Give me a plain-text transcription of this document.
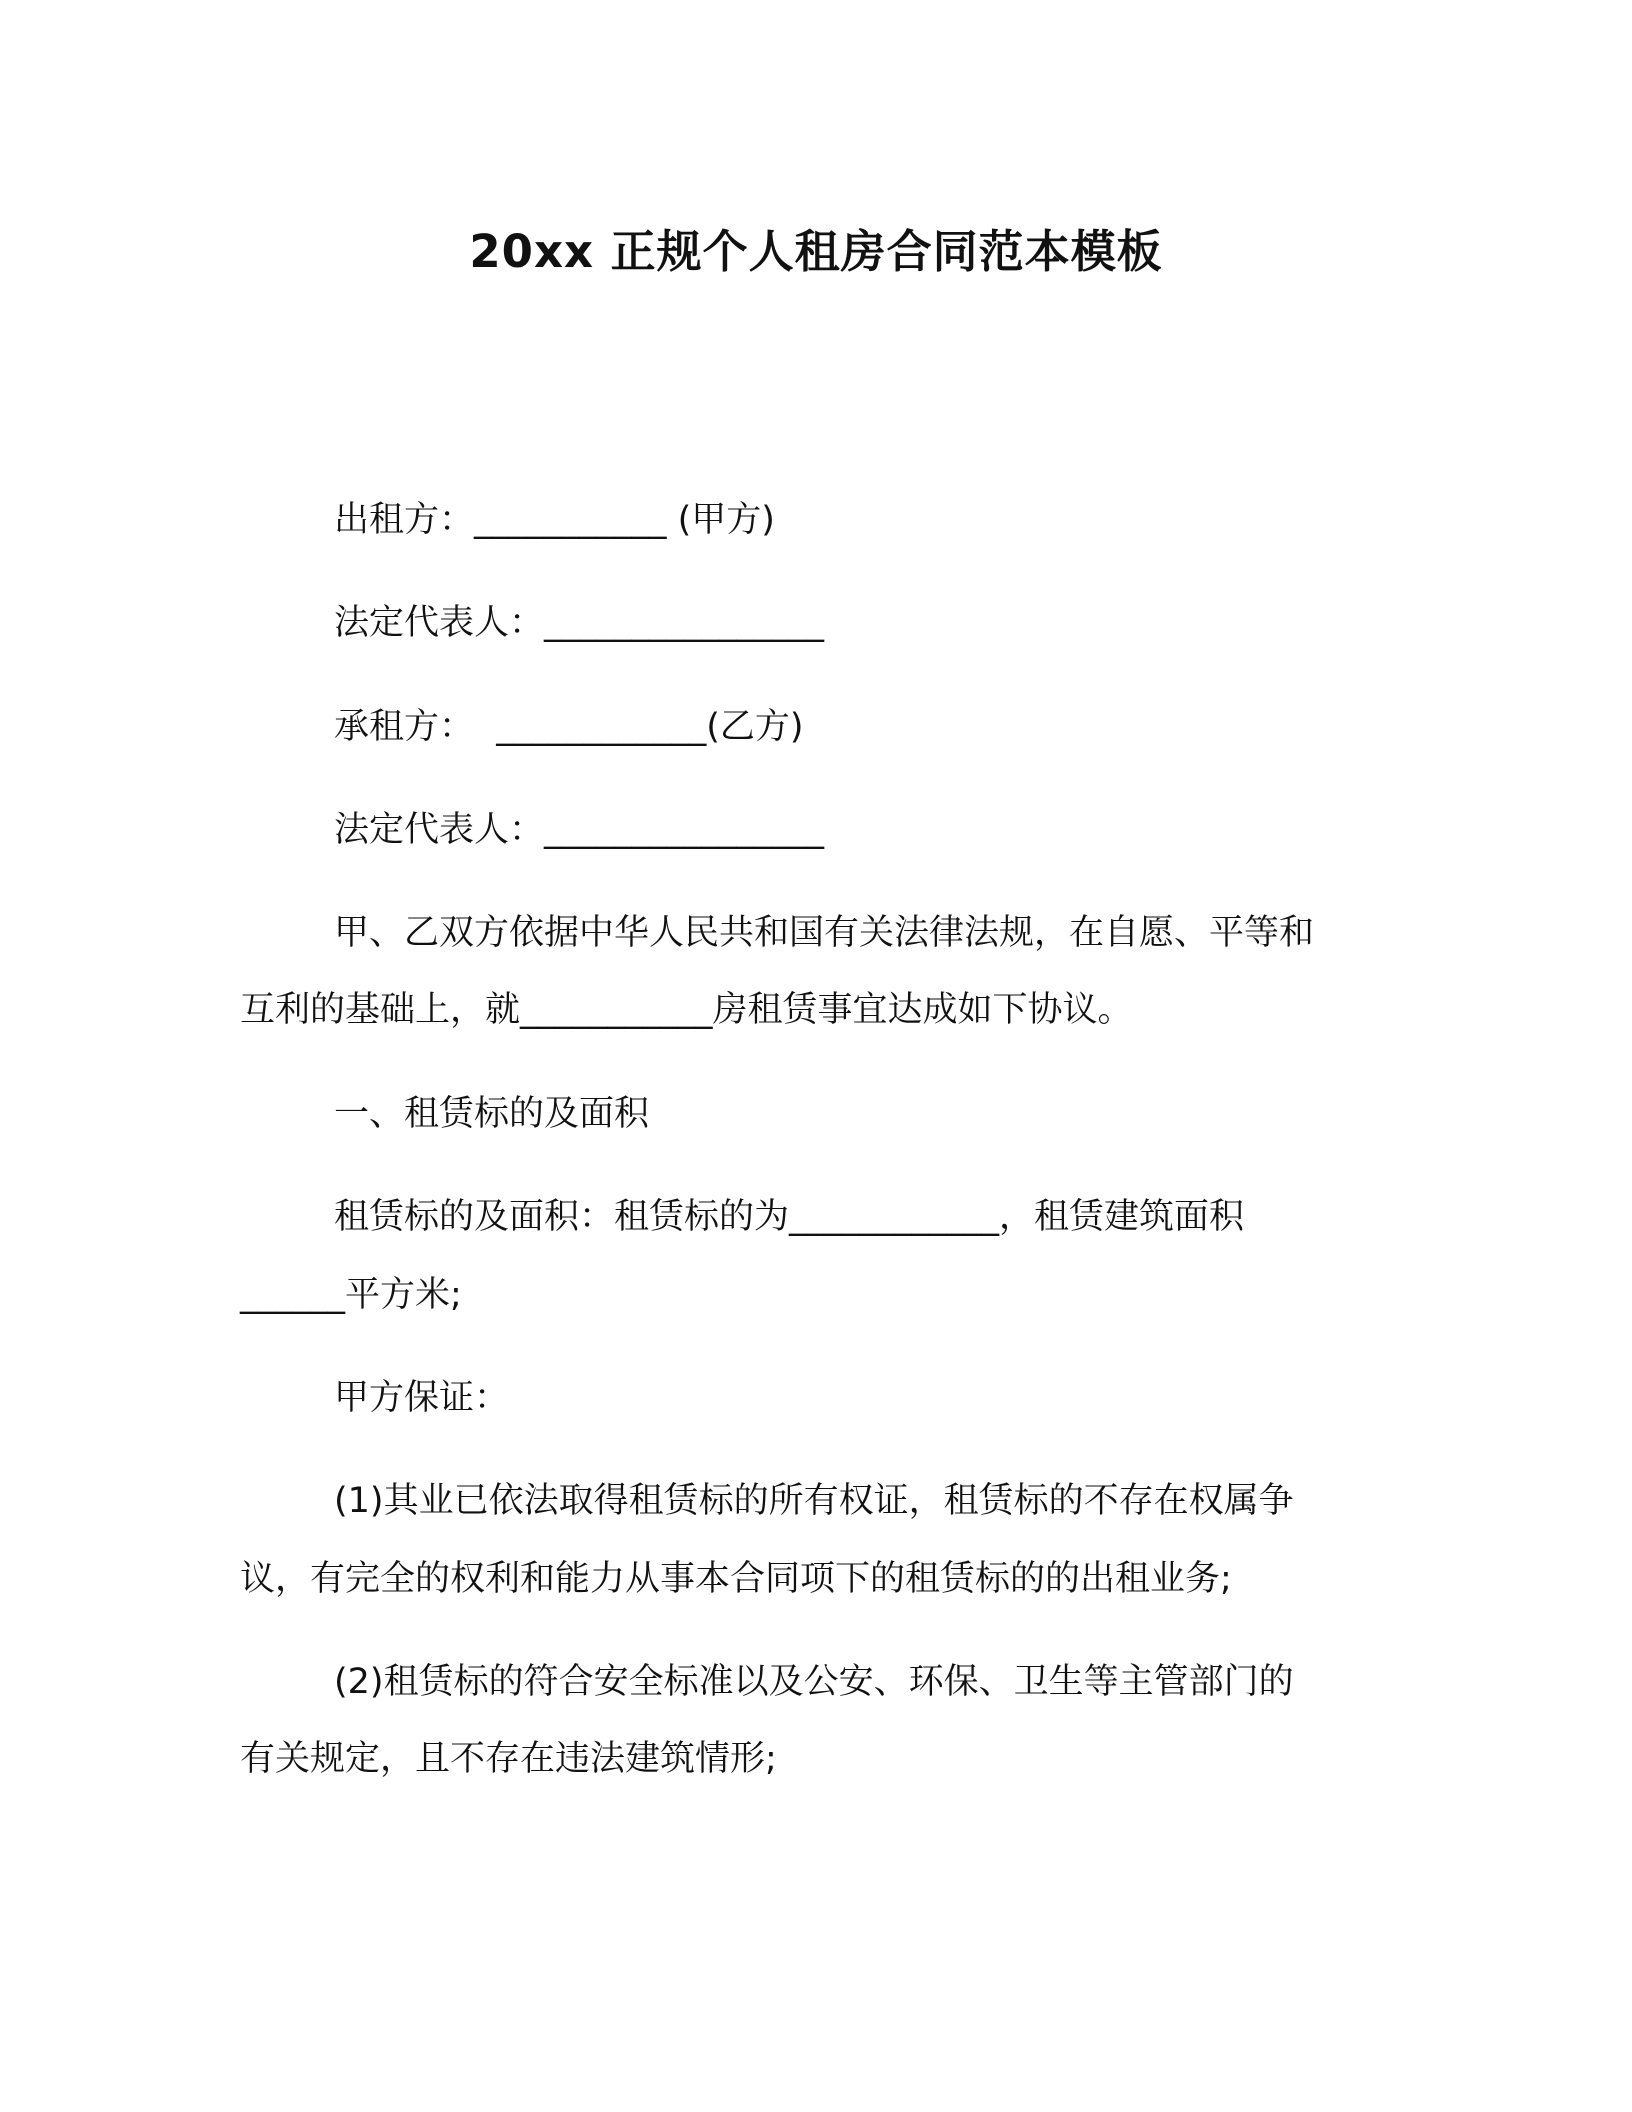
20xx 正规个人租房合同范本模板
出租方：___________ (甲方)
法定代表人：________________
承租方：  ____________(乙方)
法定代表人：________________
甲、乙双方依据中华人民共和国有关法律法规，在自愿、平等和
互利的基础上，就___________房租赁事宜达成如下协议。
一、租赁标的及面积
租赁标的及面积：租赁标的为____________，租赁建筑面积
______平方米;
甲方保证：
(1)其业已依法取得租赁标的所有权证，租赁标的不存在权属争
议，有完全的权利和能力从事本合同项下的租赁标的的出租业务;
(2)租赁标的符合安全标准以及公安、环保、卫生等主管部门的
有关规定，且不存在违法建筑情形;
